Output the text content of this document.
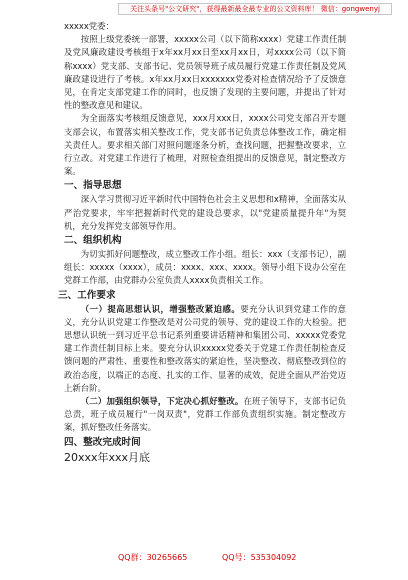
关注头条号"公文研究"，获得最新最全最专业的公文资料库！ 微信：gongwenyj

xxxxx党委：

按照上级党委统一部署，xxxxx公司（以下简称xxxx）党建工作责任制及党风廉政建设考核组于x年xx月xx日至xx月xx日，对xxxx公司（以下简称xxxx）党支部、支部书记、党员领导班子成员履行党建工作责任制及党风廉政建设进行了考核。x年xx月xx日xxxxxxx党委对检查情况给予了反馈意见，在肯定支部党建工作的同时，也反馈了发现的主要问题，并提出了针对性的整改意见和建议。

为全面落实考核组反馈意见，xxx月xxx日，xxxx公司党支部召开专题支部会议，布置落实相关整改工作，党支部书记负责总体整改工作，确定相关责任人。要求相关部门对照问题逐条分析，查找问题，把握整改要求，立行立改。对党建工作进行了梳理，对照检查组提出的反馈意见，制定整改方案。

一、指导思想

深入学习贯彻习近平新时代中国特色社会主义思想和x精神，全面落实从严治党要求，牢牢把握新时代党的建设总要求，以"党建质量提升年"为契机，充分发挥党支部领导作用。

二、组织机构

为切实抓好问题整改，成立整改工作小组。组长：xxx（支部书记），副组长：xxxxx（xxxx），成员：xxxx、xxx、xxxx。领导小组下设办公室在党群工作部，由党群办公室负责人xxxx负责相关工作。

三、工作要求

（一）提高思想认识，增强整改紧迫感。要充分认识到党建工作的意义，充分认识党建工作整改是对公司党的领导、党的建设工作的大检验。把思想认识统一到习近平总书记系列重要讲话精神和集团公司、xxxxx党委党建工作责任制目标上来。要充分认识xxxxx党委关于党建工作责任制检查反馈问题的严肃性、重要性和整改落实的紧迫性，坚决整改、彻底整改到位的政治态度，以端正的态度、扎实的工作、显著的成效，促进全面从严治党迈上新台阶。

（二）加强组织领导，下定决心抓好整改。在班子领导下，支部书记负总责，班子成员履行"一岗双责"，党群工作部负责组织实施。制定整改方案，抓好整改任务落实。

四、整改完成时间

20xxx年xxx月底

QQ群：30265665	QQ号：535304092
